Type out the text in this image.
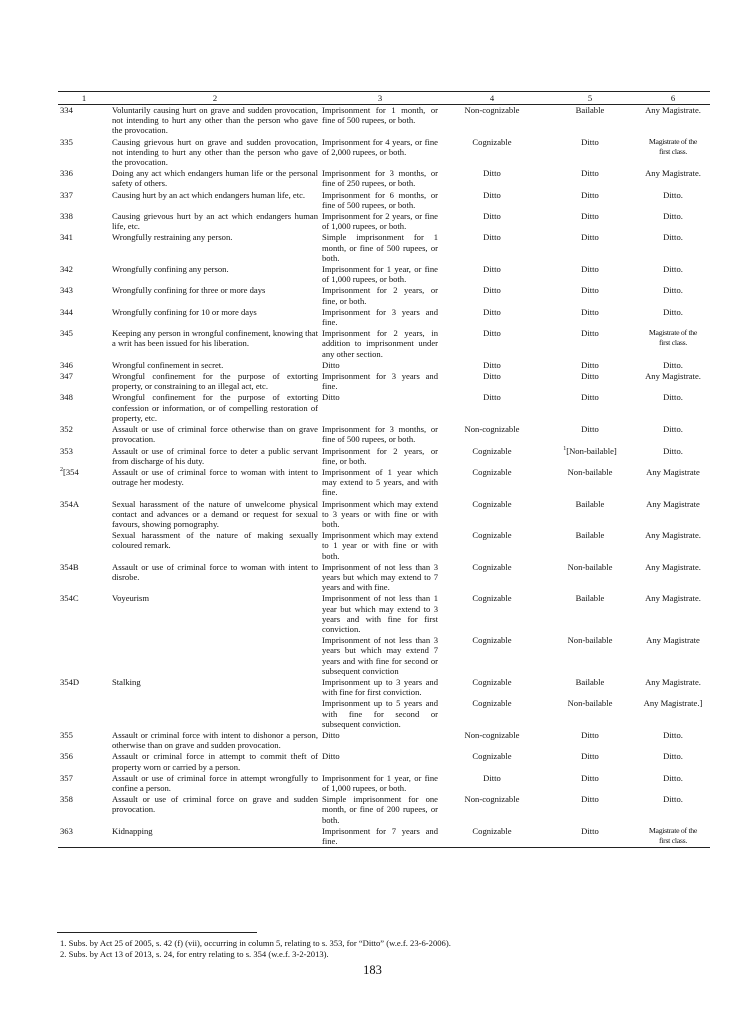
1	2	3	4	5	6
334	Voluntarily causing hurt on grave and sudden provocation, not intending to hurt any other than the person who gave the provocation.	Imprisonment for 1 month, or fine of 500 rupees, or both.	Non-cognizable	Bailable	Any Magistrate.
335	Causing grievous hurt on grave and sudden provocation, not intending to hurt any other than the person who gave the provocation.	Imprisonment for 4 years, or fine of 2,000 rupees, or both.	Cognizable	Ditto	Magistrate of the first class.
336	Doing any act which endangers human life or the personal safety of others.	Imprisonment for 3 months, or fine of 250 rupees, or both.	Ditto	Ditto	Any Magistrate.
337	Causing hurt by an act which endangers human life, etc.	Imprisonment for 6 months, or fine of 500 rupees, or both.	Ditto	Ditto	Ditto.
338	Causing grievous hurt by an act which endangers human life, etc.	Imprisonment for 2 years, or fine of 1,000 rupees, or both.	Ditto	Ditto	Ditto.
341	Wrongfully restraining any person.	Simple imprisonment for 1 month, or fine of 500 rupees, or both.	Ditto	Ditto	Ditto.
342	Wrongfully confining any person.	Imprisonment for 1 year, or fine of 1,000 rupees, or both.	Ditto	Ditto	Ditto.
343	Wrongfully confining for three or more days	Imprisonment for 2 years, or fine, or both.	Ditto	Ditto	Ditto.
344	Wrongfully confining for 10 or more days	Imprisonment for 3 years and fine.	Ditto	Ditto	Ditto.
345	Keeping any person in wrongful confinement, knowing that a writ has been issued for his liberation.	Imprisonment for 2 years, in addition to imprisonment under any other section.	Ditto	Ditto	Magistrate of the first class.
346	Wrongful confinement in secret.	Ditto	Ditto	Ditto	Ditto.
347	Wrongful confinement for the purpose of extorting property, or constraining to an illegal act, etc.	Imprisonment for 3 years and fine.	Ditto	Ditto	Any Magistrate.
348	Wrongful confinement for the purpose of extorting confession or information, or of compelling restoration of property, etc.	Ditto	Ditto	Ditto	Ditto.
352	Assault or use of criminal force otherwise than on grave provocation.	Imprisonment for 3 months, or fine of 500 rupees, or both.	Non-cognizable	Ditto	Ditto.
353	Assault or use of criminal force to deter a public servant from discharge of his duty.	Imprisonment for 2 years, or fine, or both.	Cognizable	$^1$[Non-bailable]	Ditto.
$^2$[354	Assault or use of criminal force to woman with intent to outrage her modesty.	Imprisonment of 1 year which may extend to 5 years, and with fine.	Cognizable	Non-bailable	Any Magistrate
354A	Sexual harassment of the nature of unwelcome physical contact and advances or a demand or request for sexual favours, showing pornography.	Imprisonment which may extend to 3 years or with fine or with both.	Cognizable	Bailable	Any Magistrate
	Sexual harassment of the nature of making sexually coloured remark.	Imprisonment which may extend to 1 year or with fine or with both.	Cognizable	Bailable	Any Magistrate.
354B	Assault or use of criminal force to woman with intent to disrobe.	Imprisonment of not less than 3 years but which may extend to 7 years and with fine.	Cognizable	Non-bailable	Any Magistrate.
354C	Voyeurism	Imprisonment of not less than 1 year but which may extend to 3 years and with fine for first conviction.	Cognizable	Bailable	Any Magistrate.
		Imprisonment of not less than 3 years but which may extend 7 years and with fine for second or subsequent conviction	Cognizable	Non-bailable	Any Magistrate
354D	Stalking	Imprisonment up to 3 years and with fine for first conviction.	Cognizable	Bailable	Any Magistrate.
		Imprisonment up to 5 years and with fine for second or subsequent conviction.	Cognizable	Non-bailable	Any Magistrate.]
355	Assault or criminal force with intent to dishonor a person, otherwise than on grave and sudden provocation.	Ditto	Non-cognizable	Ditto	Ditto.
356	Assault or criminal force in attempt to commit theft of property worn or carried by a person.	Ditto	Cognizable	Ditto	Ditto.
357	Assault or use of criminal force in attempt wrongfully to confine a person.	Imprisonment for 1 year, or fine of 1,000 rupees, or both.	Ditto	Ditto	Ditto.
358	Assault or use of criminal force on grave and sudden provocation.	Simple imprisonment for one month, or fine of 200 rupees, or both.	Non-cognizable	Ditto	Ditto.
363	Kidnapping	Imprisonment for 7 years and fine.	Cognizable	Ditto	Magistrate of the first class.
1. Subs. by Act 25 of 2005, s. 42 (f) (vii), occurring in column 5, relating to s. 353, for “Ditto” (w.e.f. 23-6-2006).
2. Subs. by Act 13 of 2013, s. 24, for entry relating to s. 354 (w.e.f. 3-2-2013).
183
